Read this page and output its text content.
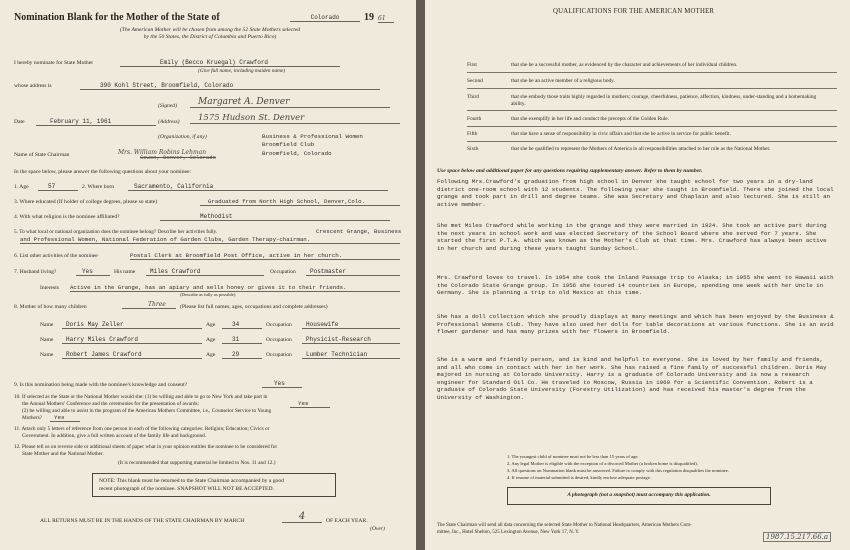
Nomination Blank for the Mother of the State of	Colorado	19 61
(The American Mother will be chosen from among the 52 State Mothers selected
by the 50 States, the District of Columbia and Puerto Rico)
I hereby nominate for State Mother	Emily (Becco Kruegal) Crawford
(Give full name, including maiden name)
whose address is	390 Kohl Street, Broomfield, Colorado
(Signed)	Margaret A. Denver
Date	February 11, 1961	(Address)	1575 Hudson St. Denver
(Organization, if any)	Business & Professional Women
Broomfield Club
Name of State Chairman	Mrs. William Robins Lehman
Gowen, Denver, Colorado
Broomfield, Colorado
In the space below, please answer the following questions about your nominee:
1. Age	57	2. Where born	Sacramento, California
3. Where educated (If holder of college degrees, please so state)	Graduated from North High School, Denver,Colo.
4. With what religion is the nominee affiliated?	Methodist
5. To what local or national organization does the nominee belong? Describe her activities fully.	Crescent Grange, Business
and Professional Women, National Federation of Garden Clubs, Garden Therapy-chairman.
6. List other activities of the nominee	Postal Clerk at Broomfield Post Office, active in her church.
7. Husband living?	Yes	His name	Miles Crawford	Occupation	Postmaster
Interests Active in the Grange, has an apiary and sells honey or gives it to their friends.
(Describe as fully as possible)
8. Mother of how many children	Three	(Please list full names, ages, occupations and complete addresses)
Name	Doris May Zeller	Age	34	Occupation	Housewife
Name	Harry Miles Crawford	Age	31	Occupation	Physicist-Research
Name	Robert James Crawford	Age	29	Occupation	Lumber Technician
9. Is this nomination being made with the nominee's knowledge and consent?	Yes
10. If selected as the State or the National Mother would she: (1) be willing and able to go to New York and take part in
the Annual Mothers' Conference and the ceremonies for the presentation of awards:	Yes
(2) be willing and able to assist in the program of the American Mothers Committee, i.e., Counselor Service to Young
Mothers?	Yes
11. Attach only 5 letters of reference from one person in each of the following categories: Religion; Education; Civics or
Government. In addition, give a full written account of the family life and background.
12. Please tell us on reverse side or additional sheets of paper what in your opinion entitles the nominee to be considered for
State Mother and the National Mother.
(It is recommended that supporting material be limited to Nos. 11 and 12.)
NOTE: This blank must be returned to the State Chairman accompanied by a good
recent photograph of the nominee. SNAPSHOT WILL NOT BE ACCEPTED.
ALL RETURNS MUST BE IN THE HANDS OF THE STATE CHAIRMAN BY MARCH	4	OF EACH YEAR.
(Over)
QUALIFICATIONS FOR THE AMERICAN MOTHER
First	that she be a successful mother, as evidenced by the character and achievements of her individual children.
Second	that she be an active member of a religious body.
Third	that she embody those traits highly regarded in mothers; courage, cheerfulness, patience, affection, kindness, under-standing and a homemaking ability.
Fourth	that she exemplify in her life and conduct the precepts of the Golden Rule.
Fifth	that she have a sense of responsibility in civic affairs and that she be active in service for public benefit.
Sixth	that she be qualified to represent the Mothers of America in all responsibilities attached to her role as the National Mother.
Use space below and additional paper for any questions requiring supplementary answer. Refer to them by number.
Following Mrs.Crawford's graduation from high school in Denver she taught school for two years in a dry-land district one-room school with 12 students. The following year she taught in Broomfield. There she joined the local grange and took part in drill and degree teams. She was Secretary and Chaplain and also lectured. She is still an active member.
She met Miles Crawford while working in the grange and they were married in 1924. She took an active part during the next years in school work and was elected Secretary of the School Board where she served for 7 years. She started the first P.T.A. which was known as the Mother's Club at that time. Mrs. Crawford has always been active in her church and during these years taught Sunday School.
Mrs. Crawford loves to travel. In 1954 she took the Inland Passage trip to Alaska; in 1955 she went to Hawaii with the Colorado State Grange group. In 1956 she toured 14 countries in Europe, spending one week with her Uncle in Germany. She is planning a trip to old Mexico at this time.
She has a doll collection which she proudly displays at many meetings and which has been enjoyed by the Business & Professional Womens Club. They have also used her dolls for table decorations at various functions. She is an avid flower gardener and has many prizes with her flowers in Broomfield.
She is a warm and friendly person, and is kind and helpful to everyone. She is loved by her family and friends, and all who come in contact with her in her work. She has raised a fine family of successful children. Doris May majored in nursing at Colorado University. Harry is a graduate of Colorado University and is now a research engineer for Standard Oil Co. He traveled to Moscow, Russia in 1960 for a Scientific Convention. Robert is a graduate of Colorado State University (Forestry Utilization) and has received his master's degree from the University of Washington.
1. The youngest child of nominee must not be less than 15 years of age.
2. Any legal Mother is eligible with the exception of a divorced Mother (a broken home is disqualified).
3. All questions on Nomination blank must be answered. Failure to comply with this regulation disqualifies the nominee.
4. If resume of material submitted is desired, kindly enclose adequate postage.
A photograph (not a snapshot) must accompany this application.
The State Chairman will send all data concerning the selected State Mother to National Headquarters, American Mothers Com-
mittee, Inc., Hotel Shelton, 525 Lexington Avenue, New York 17, N. Y.
1987.15.217.66.a
